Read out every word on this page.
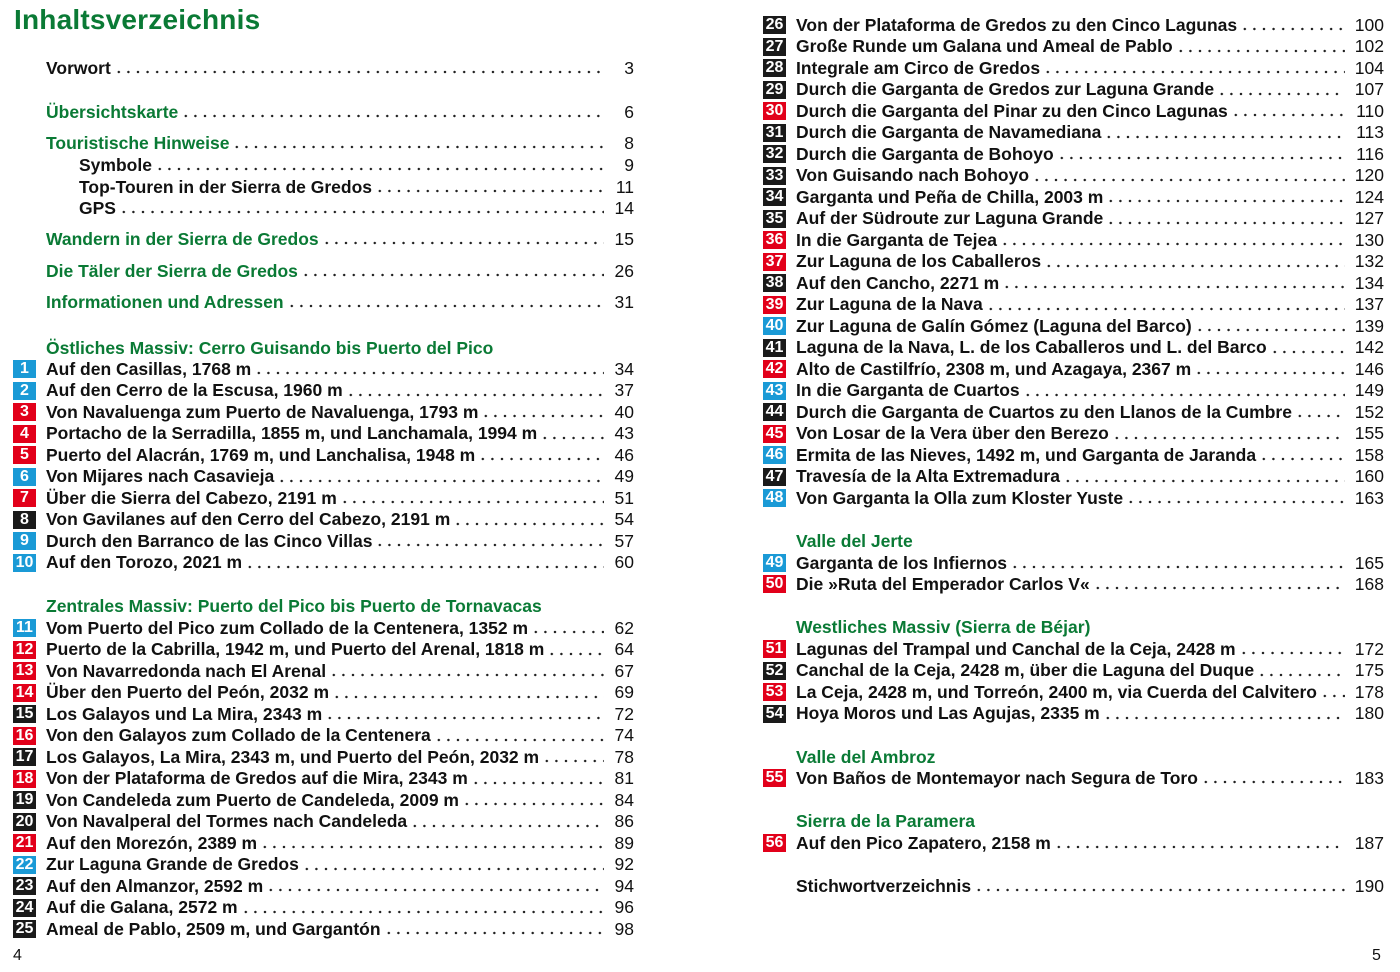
Inhaltsverzeichnis
Vorwort	3
Übersichtskarte	6
Touristische Hinweise	8
Symbole	9
Top-Touren in der Sierra de Gredos	11
GPS	14
Wandern in der Sierra de Gredos	15
Die Täler der Sierra de Gredos	26
Informationen und Adressen	31
Östliches Massiv: Cerro Guisando bis Puerto del Pico
1 Auf den Casillas, 1768 m	34
2 Auf den Cerro de la Escusa, 1960 m	37
3 Von Navaluenga zum Puerto de Navaluenga, 1793 m	40
4 Portacho de la Serradilla, 1855 m, und Lanchamala, 1994 m	43
5 Puerto del Alacrán, 1769 m, und Lanchalisa, 1948 m	46
6 Von Mijares nach Casavieja	49
7 Über die Sierra del Cabezo, 2191 m	51
8 Von Gavilanes auf den Cerro del Cabezo, 2191 m	54
9 Durch den Barranco de las Cinco Villas	57
10 Auf den Torozo, 2021 m	60
Zentrales Massiv: Puerto del Pico bis Puerto de Tornavacas
11 Vom Puerto del Pico zum Collado de la Centenera, 1352 m	62
12 Puerto de la Cabrilla, 1942 m, und Puerto del Arenal, 1818 m	64
13 Von Navarredonda nach El Arenal	67
14 Über den Puerto del Peón, 2032 m	69
15 Los Galayos und La Mira, 2343 m	72
16 Von den Galayos zum Collado de la Centenera	74
17 Los Galayos, La Mira, 2343 m, und Puerto del Peón, 2032 m	78
18 Von der Plataforma de Gredos auf die Mira, 2343 m	81
19 Von Candeleda zum Puerto de Candeleda, 2009 m	84
20 Von Navalperal del Tormes nach Candeleda	86
21 Auf den Morezón, 2389 m	89
22 Zur Laguna Grande de Gredos	92
23 Auf den Almanzor, 2592 m	94
24 Auf die Galana, 2572 m	96
25 Ameal de Pablo, 2509 m, und Gargantón	98
26 Von der Plataforma de Gredos zu den Cinco Lagunas	100
27 Große Runde um Galana und Ameal de Pablo	102
28 Integrale am Circo de Gredos	104
29 Durch die Garganta de Gredos zur Laguna Grande	107
30 Durch die Garganta del Pinar zu den Cinco Lagunas	110
31 Durch die Garganta de Navamediana	113
32 Durch die Garganta de Bohoyo	116
33 Von Guisando nach Bohoyo	120
34 Garganta und Peña de Chilla, 2003 m	124
35 Auf der Südroute zur Laguna Grande	127
36 In die Garganta de Tejea	130
37 Zur Laguna de los Caballeros	132
38 Auf den Cancho, 2271 m	134
39 Zur Laguna de la Nava	137
40 Zur Laguna de Galín Gómez (Laguna del Barco)	139
41 Laguna de la Nava, L. de los Caballeros und L. del Barco	142
42 Alto de Castilfrío, 2308 m, und Azagaya, 2367 m	146
43 In die Garganta de Cuartos	149
44 Durch die Garganta de Cuartos zu den Llanos de la Cumbre	152
45 Von Losar de la Vera über den Berezo	155
46 Ermita de las Nieves, 1492 m, und Garganta de Jaranda	158
47 Travesía de la Alta Extremadura	160
48 Von Garganta la Olla zum Kloster Yuste	163
Valle del Jerte
49 Garganta de los Infiernos	165
50 Die »Ruta del Emperador Carlos V«	168
Westliches Massiv (Sierra de Béjar)
51 Lagunas del Trampal und Canchal de la Ceja, 2428 m	172
52 Canchal de la Ceja, 2428 m, über die Laguna del Duque	175
53 La Ceja, 2428 m, und Torreón, 2400 m, via Cuerda del Calvitero 178
54 Hoya Moros und Las Agujas, 2335 m	180
Valle del Ambroz
55 Von Baños de Montemayor nach Segura de Toro	183
Sierra de la Paramera
56 Auf den Pico Zapatero, 2158 m	187
Stichwortverzeichnis	190
4	5
